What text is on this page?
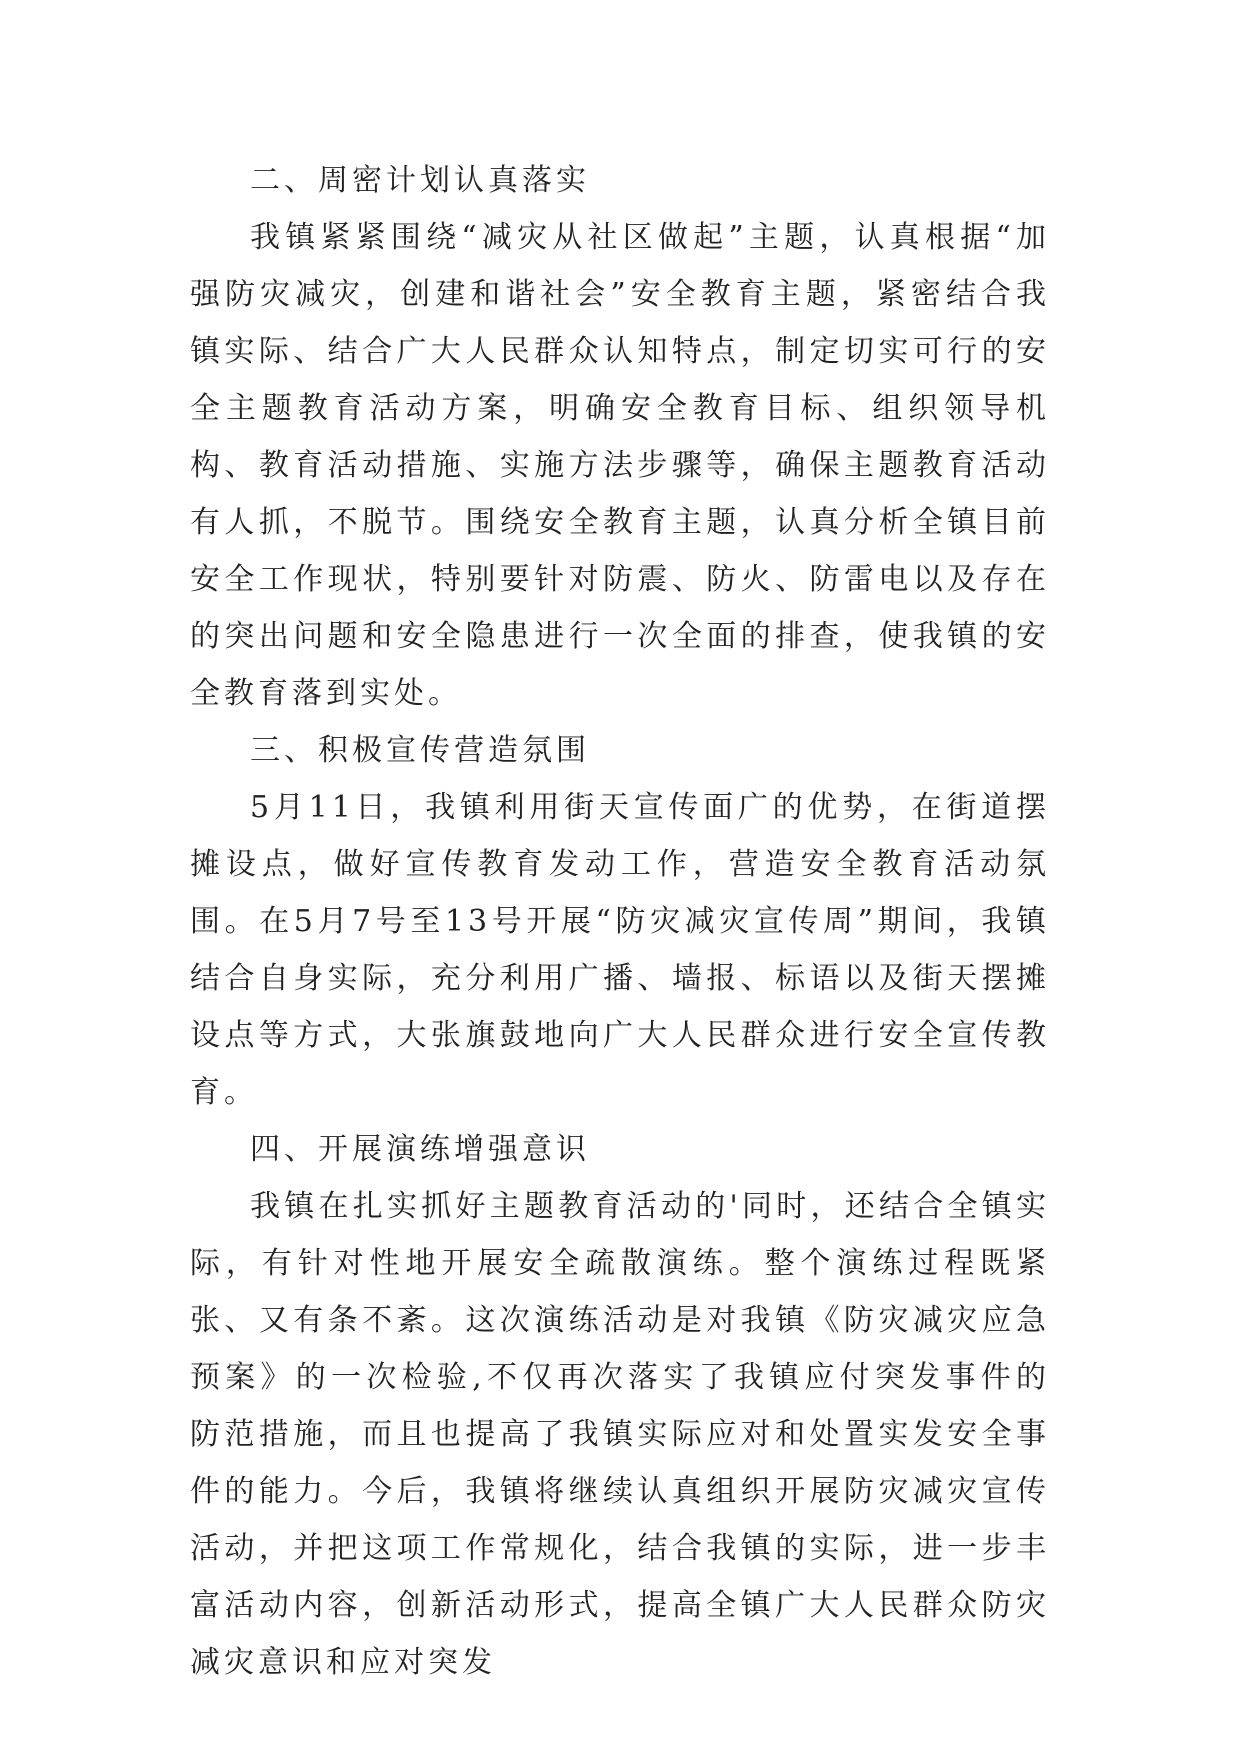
二、周密计划认真落实

我镇紧紧围绕“减灾从社区做起”主题，认真根据“加强防灾减灾，创建和谐社会”安全教育主题，紧密结合我镇实际、结合广大人民群众认知特点，制定切实可行的安全主题教育活动方案，明确安全教育目标、组织领导机构、教育活动措施、实施方法步骤等，确保主题教育活动有人抓，不脱节。围绕安全教育主题，认真分析全镇目前安全工作现状，特别要针对防震、防火、防雷电以及存在的突出问题和安全隐患进行一次全面的排查，使我镇的安全教育落到实处。

三、积极宣传营造氛围

5月11日，我镇利用街天宣传面广的优势，在街道摆摊设点，做好宣传教育发动工作，营造安全教育活动氛围。在5月7号至13号开展“防灾减灾宣传周”期间，我镇结合自身实际，充分利用广播、墙报、标语以及街天摆摊设点等方式，大张旗鼓地向广大人民群众进行安全宣传教育。

四、开展演练增强意识

我镇在扎实抓好主题教育活动的'同时，还结合全镇实际，有针对性地开展安全疏散演练。整个演练过程既紧张、又有条不紊。这次演练活动是对我镇《防灾减灾应急预案》的一次检验,不仅再次落实了我镇应付突发事件的防范措施，而且也提高了我镇实际应对和处置实发安全事件的能力。今后，我镇将继续认真组织开展防灾减灾宣传活动，并把这项工作常规化，结合我镇的实际，进一步丰富活动内容，创新活动形式，提高全镇广大人民群众防灾减灾意识和应对突发
